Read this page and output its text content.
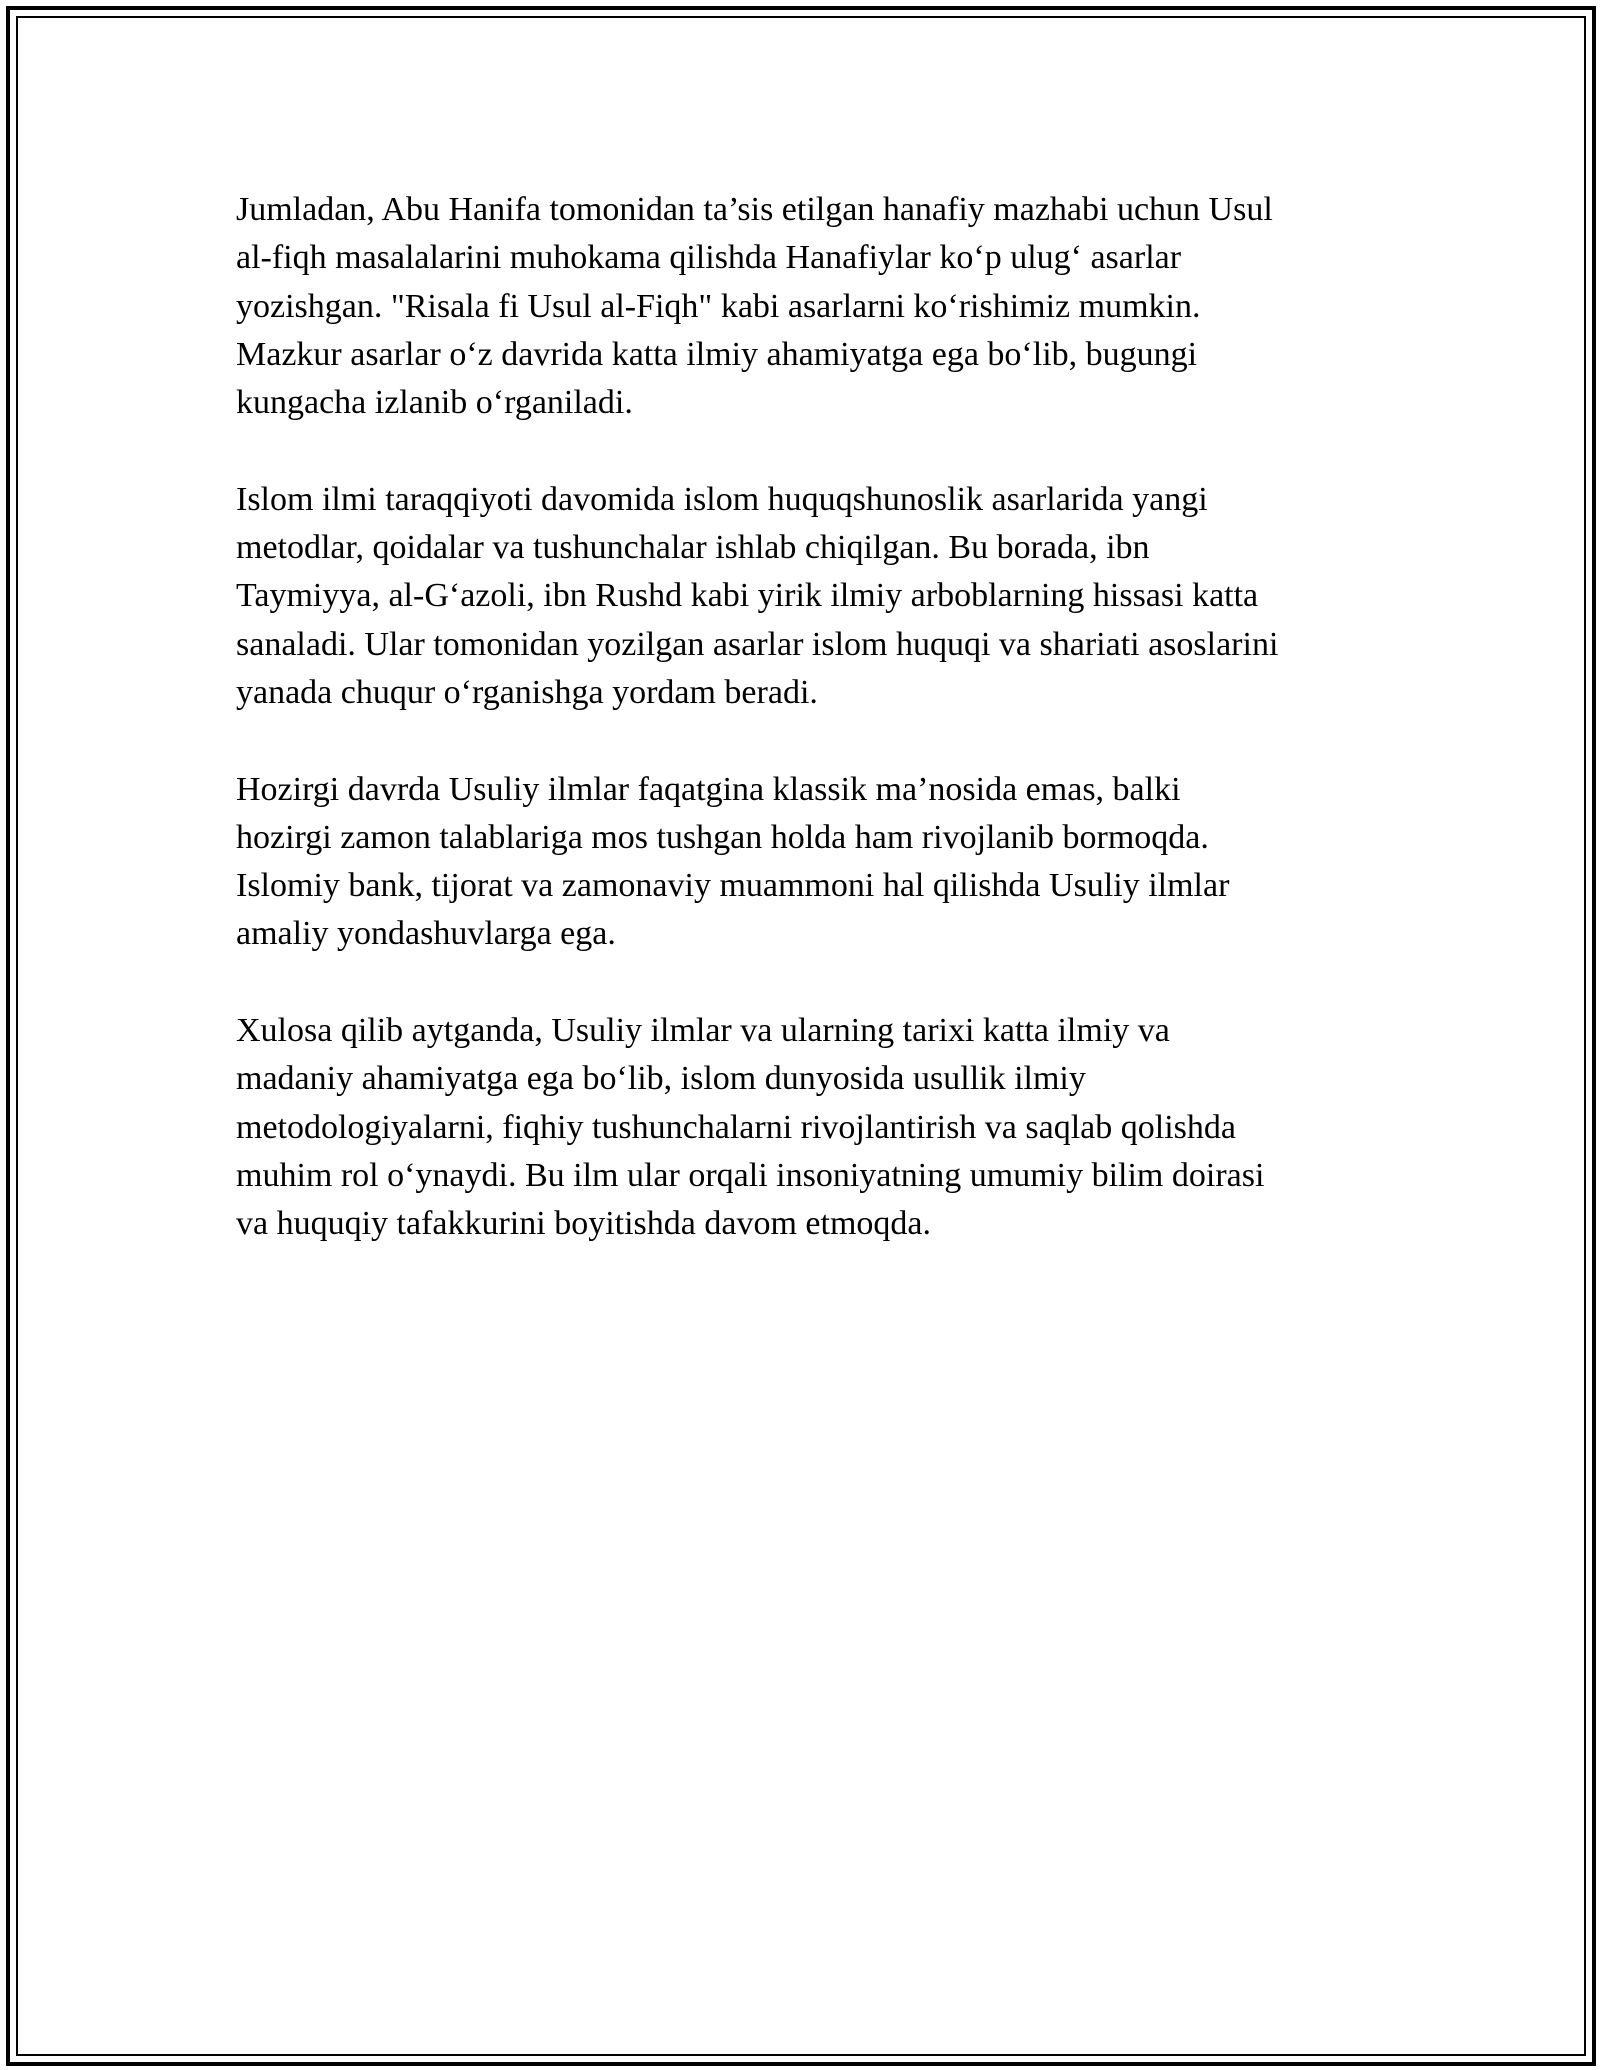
Jumladan, Abu Hanifa tomonidan ta’sis etilgan hanafiy mazhabi uchun Usul
al-fiqh masalalarini muhokama qilishda Hanafiylar ko‘p ulug‘ asarlar
yozishgan. "Risala fi Usul al-Fiqh" kabi asarlarni ko‘rishimiz mumkin.
Mazkur asarlar o‘z davrida katta ilmiy ahamiyatga ega bo‘lib, bugungi
kungacha izlanib o‘rganiladi.
Islom ilmi taraqqiyoti davomida islom huquqshunoslik asarlarida yangi
metodlar, qoidalar va tushunchalar ishlab chiqilgan. Bu borada, ibn
Taymiyya, al-G‘azoli, ibn Rushd kabi yirik ilmiy arboblarning hissasi katta
sanaladi. Ular tomonidan yozilgan asarlar islom huquqi va shariati asoslarini
yanada chuqur o‘rganishga yordam beradi.
Hozirgi davrda Usuliy ilmlar faqatgina klassik ma’nosida emas, balki
hozirgi zamon talablariga mos tushgan holda ham rivojlanib bormoqda.
Islomiy bank, tijorat va zamonaviy muammoni hal qilishda Usuliy ilmlar
amaliy yondashuvlarga ega.
Xulosa qilib aytganda, Usuliy ilmlar va ularning tarixi katta ilmiy va
madaniy ahamiyatga ega bo‘lib, islom dunyosida usullik ilmiy
metodologiyalarni, fiqhiy tushunchalarni rivojlantirish va saqlab qolishda
muhim rol o‘ynaydi. Bu ilm ular orqali insoniyatning umumiy bilim doirasi
va huquqiy tafakkurini boyitishda davom etmoqda.
